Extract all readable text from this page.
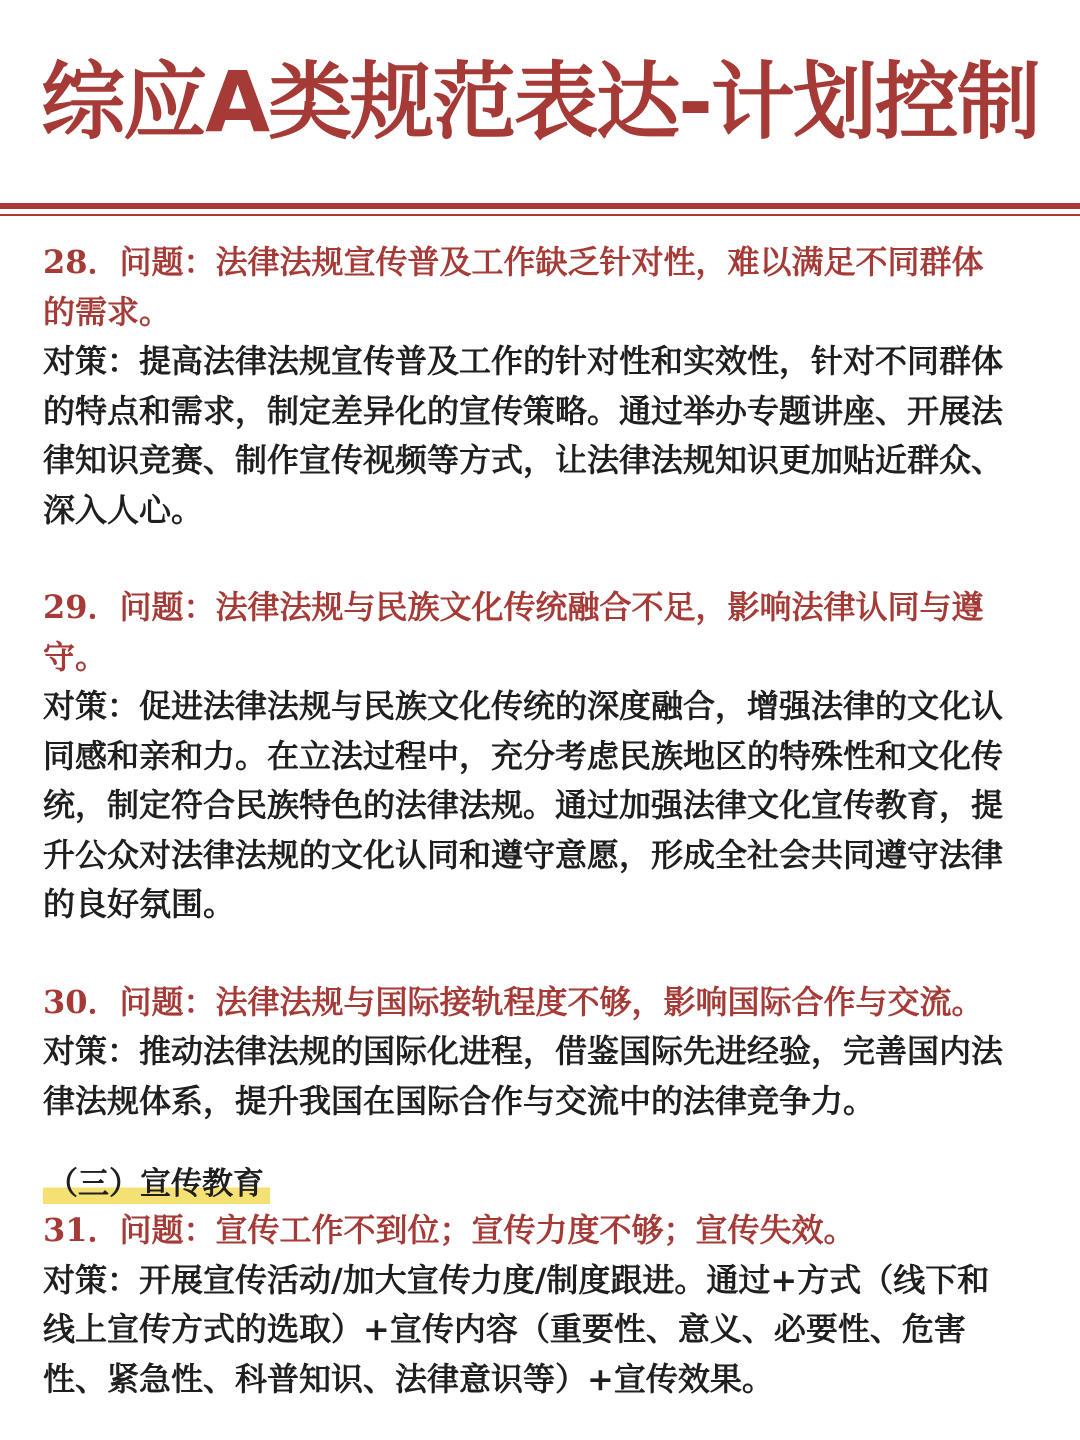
综应A类规范表达-计划控制

28．问题：法律法规宣传普及工作缺乏针对性，难以满足不同群体
的需求。

对策：提高法律法规宣传普及工作的针对性和实效性，针对不同群体
的特点和需求，制定差异化的宣传策略。通过举办专题讲座、开展法
律知识竞赛、制作宣传视频等方式，让法律法规知识更加贴近群众、
深入人心。

29．问题：法律法规与民族文化传统融合不足，影响法律认同与遵
守。

对策：促进法律法规与民族文化传统的深度融合，增强法律的文化认
同感和亲和力。在立法过程中，充分考虑民族地区的特殊性和文化传
统，制定符合民族特色的法律法规。通过加强法律文化宣传教育，提
升公众对法律法规的文化认同和遵守意愿，形成全社会共同遵守法律
的良好氛围。

30．问题：法律法规与国际接轨程度不够，影响国际合作与交流。

对策：推动法律法规的国际化进程，借鉴国际先进经验，完善国内法
律法规体系，提升我国在国际合作与交流中的法律竞争力。

（三）宣传教育

31．问题：宣传工作不到位；宣传力度不够；宣传失效。

对策：开展宣传活动/加大宣传力度/制度跟进。通过+方式（线下和
线上宣传方式的选取）+宣传内容（重要性、意义、必要性、危害
性、紧急性、科普知识、法律意识等）+宣传效果。
